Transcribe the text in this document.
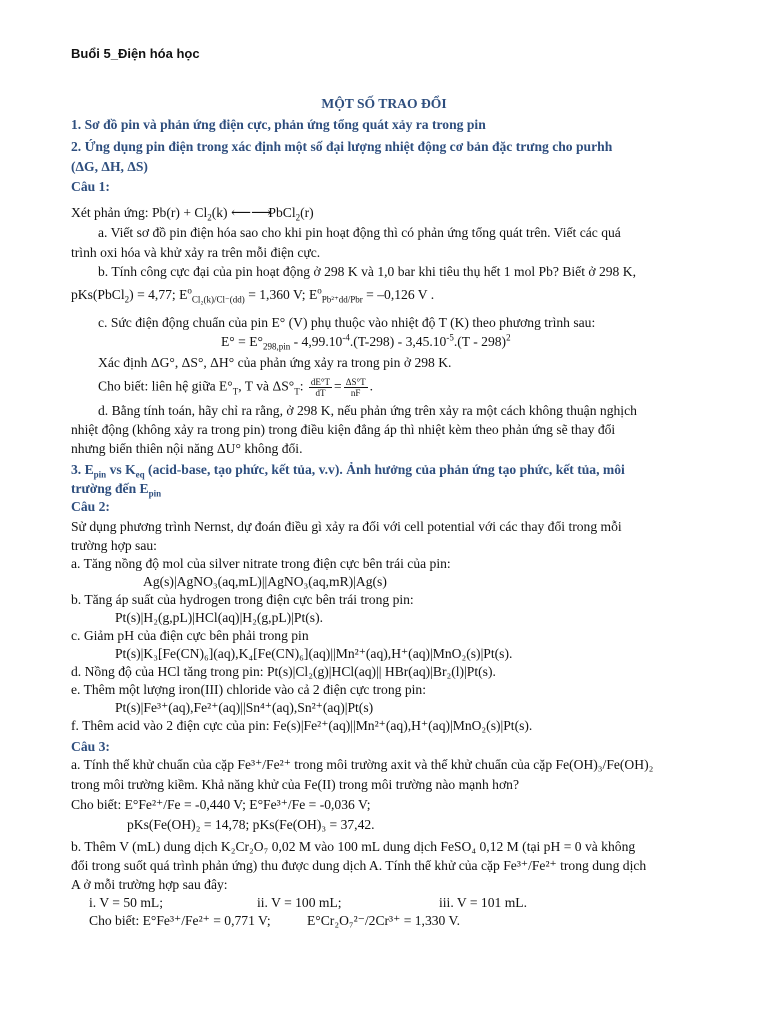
Buổi 5_Điện hóa học
MỘT SỐ TRAO ĐỔI
1. Sơ đồ pin và phản ứng điện cực, phản ứng tổng quát xảy ra trong pin
2. Ứng dụng pin điện trong xác định một số đại lượng nhiệt động cơ bản đặc trưng cho purhh
(ΔG, ΔH, ΔS)
Câu 1:
Xét phản ứng: $Pb(r) + Cl_2(k)$ ⟵⟶ PbCl$_2$(r)
a. Viết sơ đồ pin điện hóa sao cho khi pin hoạt động thì có phản ứng tổng quát trên. Viết các quá
trình oxi hóa và khử xảy ra trên mỗi điện cực.
b. Tính công cực đại của pin hoạt động ở 298 K và 1,0 bar khi tiêu thụ hết 1 mol Pb? Biết ở 298 K,
pKs(PbCl$_2$) = 4,77; $E^o_{Cl_2(k)/Cl^-(dd)} = 1,360$ V; $E^o_{Pb^{2+}dd/Pbr} = -0,126$ V .
c. Sức điện động chuẩn của pin E° (V) phụ thuộc vào nhiệt độ T (K) theo phương trình sau:
$E^\circ = E^\circ_{298,pin} - 4,99.10^{-4}.(T-298) - 3,45.10^{-5}.(T - 298)^2$
Xác định ΔG°, ΔS°, ΔH° của phản ứng xảy ra trong pin ở 298 K.
Cho biết: liên hệ giữa $E^\circ_T$, T và $\Delta S^\circ_T$: $\frac{dE^\circ T}{dT} = \frac{\Delta S^\circ T}{nF}$ .
d. Bằng tính toán, hãy chỉ ra rằng, ở 298 K, nếu phản ứng trên xảy ra một cách không thuận nghịch
nhiệt động (không xảy ra trong pin) trong điều kiện đẳng áp thì nhiệt kèm theo phản ứng sẽ thay đổi
nhưng biến thiên nội năng ΔU° không đổi.
3. $E_{pin}$ vs $K_{eq}$ (acid-base, tạo phức, kết tủa, v.v). Ảnh hưởng của phản ứng tạo phức, kết tủa, môi
trường đến $E_{pin}$
Câu 2:
Sử dụng phương trình Nernst, dự đoán điều gì xảy ra đối với cell potential với các thay đổi trong mỗi
trường hợp sau:
a. Tăng nồng độ mol của silver nitrate trong điện cực bên trái của pin:
Ag(s)|AgNO₃(aq,mL)||AgNO₃(aq,mR)|Ag(s)
b. Tăng áp suất của hydrogen trong điện cực bên trái trong pin:
Pt(s)|H₂(g,pL)|HCl(aq)|H₂(g,pL)|Pt(s).
c. Giảm pH của điện cực bên phải trong pin
Pt(s)|K₃[Fe(CN)₆](aq),K₄[Fe(CN)₆](aq)||Mn²⁺(aq),H⁺(aq)|MnO₂(s)|Pt(s).
d. Nồng độ của HCl tăng trong pin: Pt(s)|Cl₂(g)|HCl(aq)|| HBr(aq)|Br₂(l)|Pt(s).
e. Thêm một lượng iron(III) chloride vào cả 2 điện cực trong pin:
Pt(s)|Fe³⁺(aq),Fe²⁺(aq)||Sn⁴⁺(aq),Sn²⁺(aq)|Pt(s)
f. Thêm acid vào 2 điện cực của pin: Fe(s)|Fe²⁺(aq)||Mn²⁺(aq),H⁺(aq)|MnO₂(s)|Pt(s).
Câu 3:
a. Tính thế khử chuẩn của cặp Fe³⁺/Fe²⁺ trong môi trường axit và thế khử chuẩn của cặp Fe(OH)₃/Fe(OH)₂
trong môi trường kiềm. Khả năng khử của Fe(II) trong môi trường nào mạnh hơn?
Cho biết: E°Fe²⁺/Fe = -0,440 V; E°Fe³⁺/Fe = -0,036 V;
pKs(Fe(OH)₂ = 14,78; pKs(Fe(OH)₃ = 37,42.
b. Thêm V (mL) dung dịch K₂Cr₂O₇ 0,02 M vào 100 mL dung dịch FeSO₄ 0,12 M (tại pH = 0 và không
đổi trong suốt quá trình phản ứng) thu được dung dịch A. Tính thế khử của cặp Fe³⁺/Fe²⁺ trong dung dịch
A ở mỗi trường hợp sau đây:
i. V = 50 mL;	ii. V = 100 mL;	iii. V = 101 mL.
Cho biết: E°Fe³⁺/Fe²⁺ = 0,771 V;	E°Cr₂O₇²⁻/2Cr³⁺ = 1,330 V.
